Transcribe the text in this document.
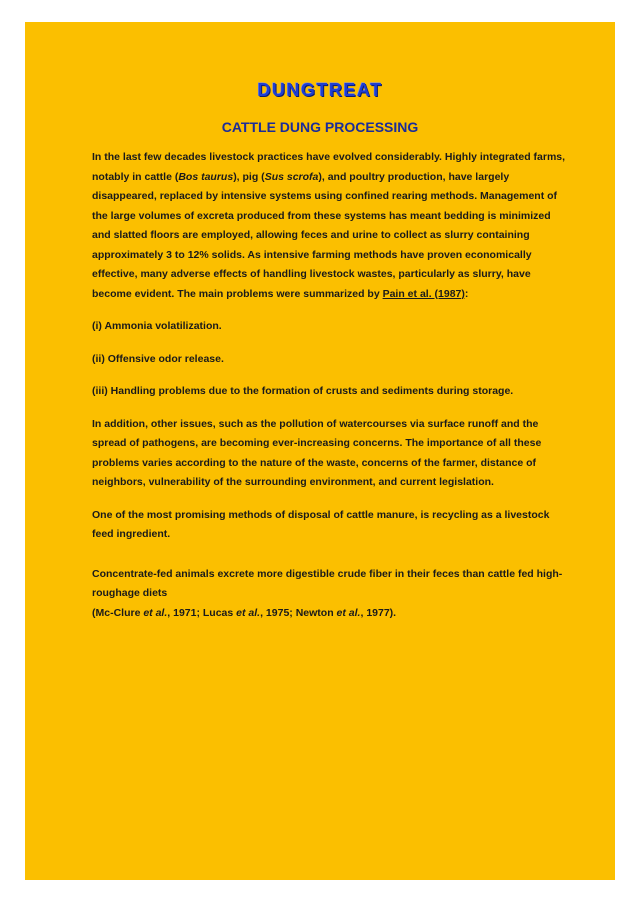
DUNGTREAT
CATTLE DUNG PROCESSING

In the last few decades livestock practices have evolved considerably. Highly integrated farms, notably in cattle (Bos taurus), pig (Sus scrofa), and poultry production, have largely disappeared, replaced by intensive systems using confined rearing methods. Management of the large volumes of excreta produced from these systems has meant bedding is minimized and slatted floors are employed, allowing feces and urine to collect as slurry containing approximately 3 to 12% solids. As intensive farming methods have proven economically effective, many adverse effects of handling livestock wastes, particularly as slurry, have become evident. The main problems were summarized by Pain et al. (1987):

(i) Ammonia volatilization.

(ii) Offensive odor release.

(iii) Handling problems due to the formation of crusts and sediments during storage.

In addition, other issues, such as the pollution of watercourses via surface runoff and the spread of pathogens, are becoming ever-increasing concerns. The importance of all these problems varies according to the nature of the waste, concerns of the farmer, distance of neighbors, vulnerability of the surrounding environment, and current legislation.

One of the most promising methods of disposal of cattle manure, is recycling as a livestock feed ingredient.

Concentrate-fed animals excrete more digestible crude fiber in their feces than cattle fed high-roughage diets
(Mc-Clure et al., 1971; Lucas et al., 1975; Newton et al., 1977).
